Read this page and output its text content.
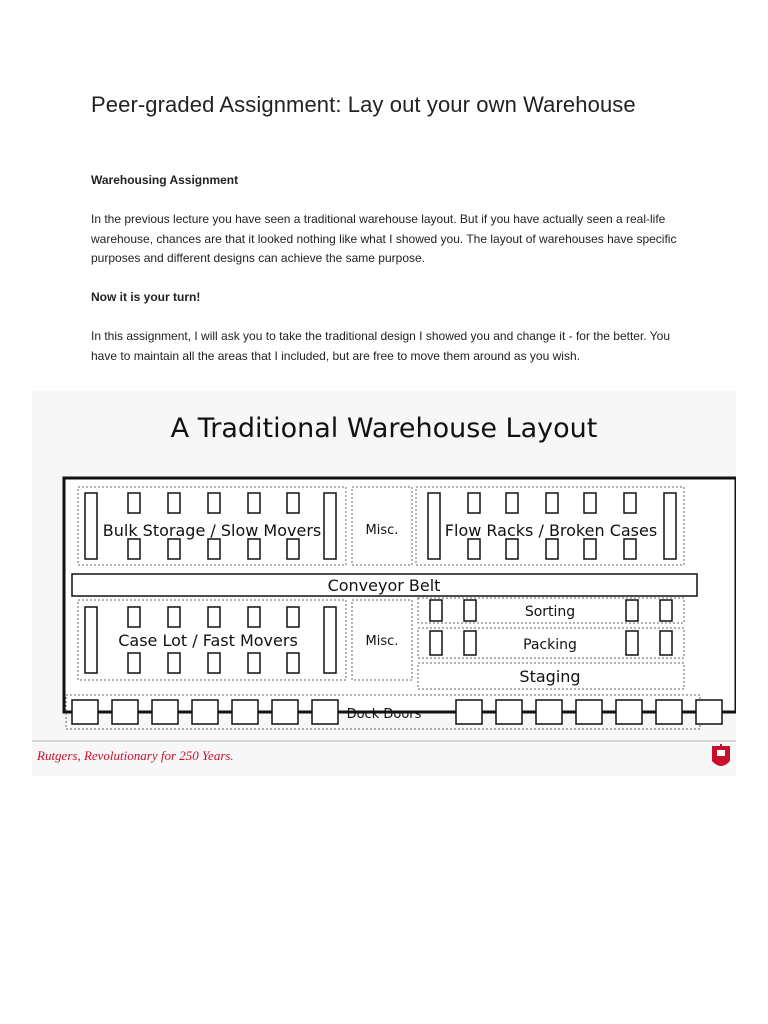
Peer-graded Assignment: Lay out your own Warehouse
Warehousing Assignment

In the previous lecture you have seen a traditional warehouse layout. But if you have actually seen a real-life warehouse, chances are that it looked nothing like what I showed you. The layout of warehouses have specific purposes and different designs can achieve the same purpose.

Now it is your turn!

In this assignment, I will ask you to take the traditional design I showed you and change it - for the better. You have to maintain all the areas that I included, but are free to move them around as you wish.

A Traditional Warehouse Layout
Bulk Storage / Slow Movers	Misc.	Flow Racks / Broken Cases
Conveyor Belt
Case Lot / Fast Movers	Misc.
Sorting
Packing
Staging
Dock Doors

Rutgers, Revolutionary for 250 Years.
